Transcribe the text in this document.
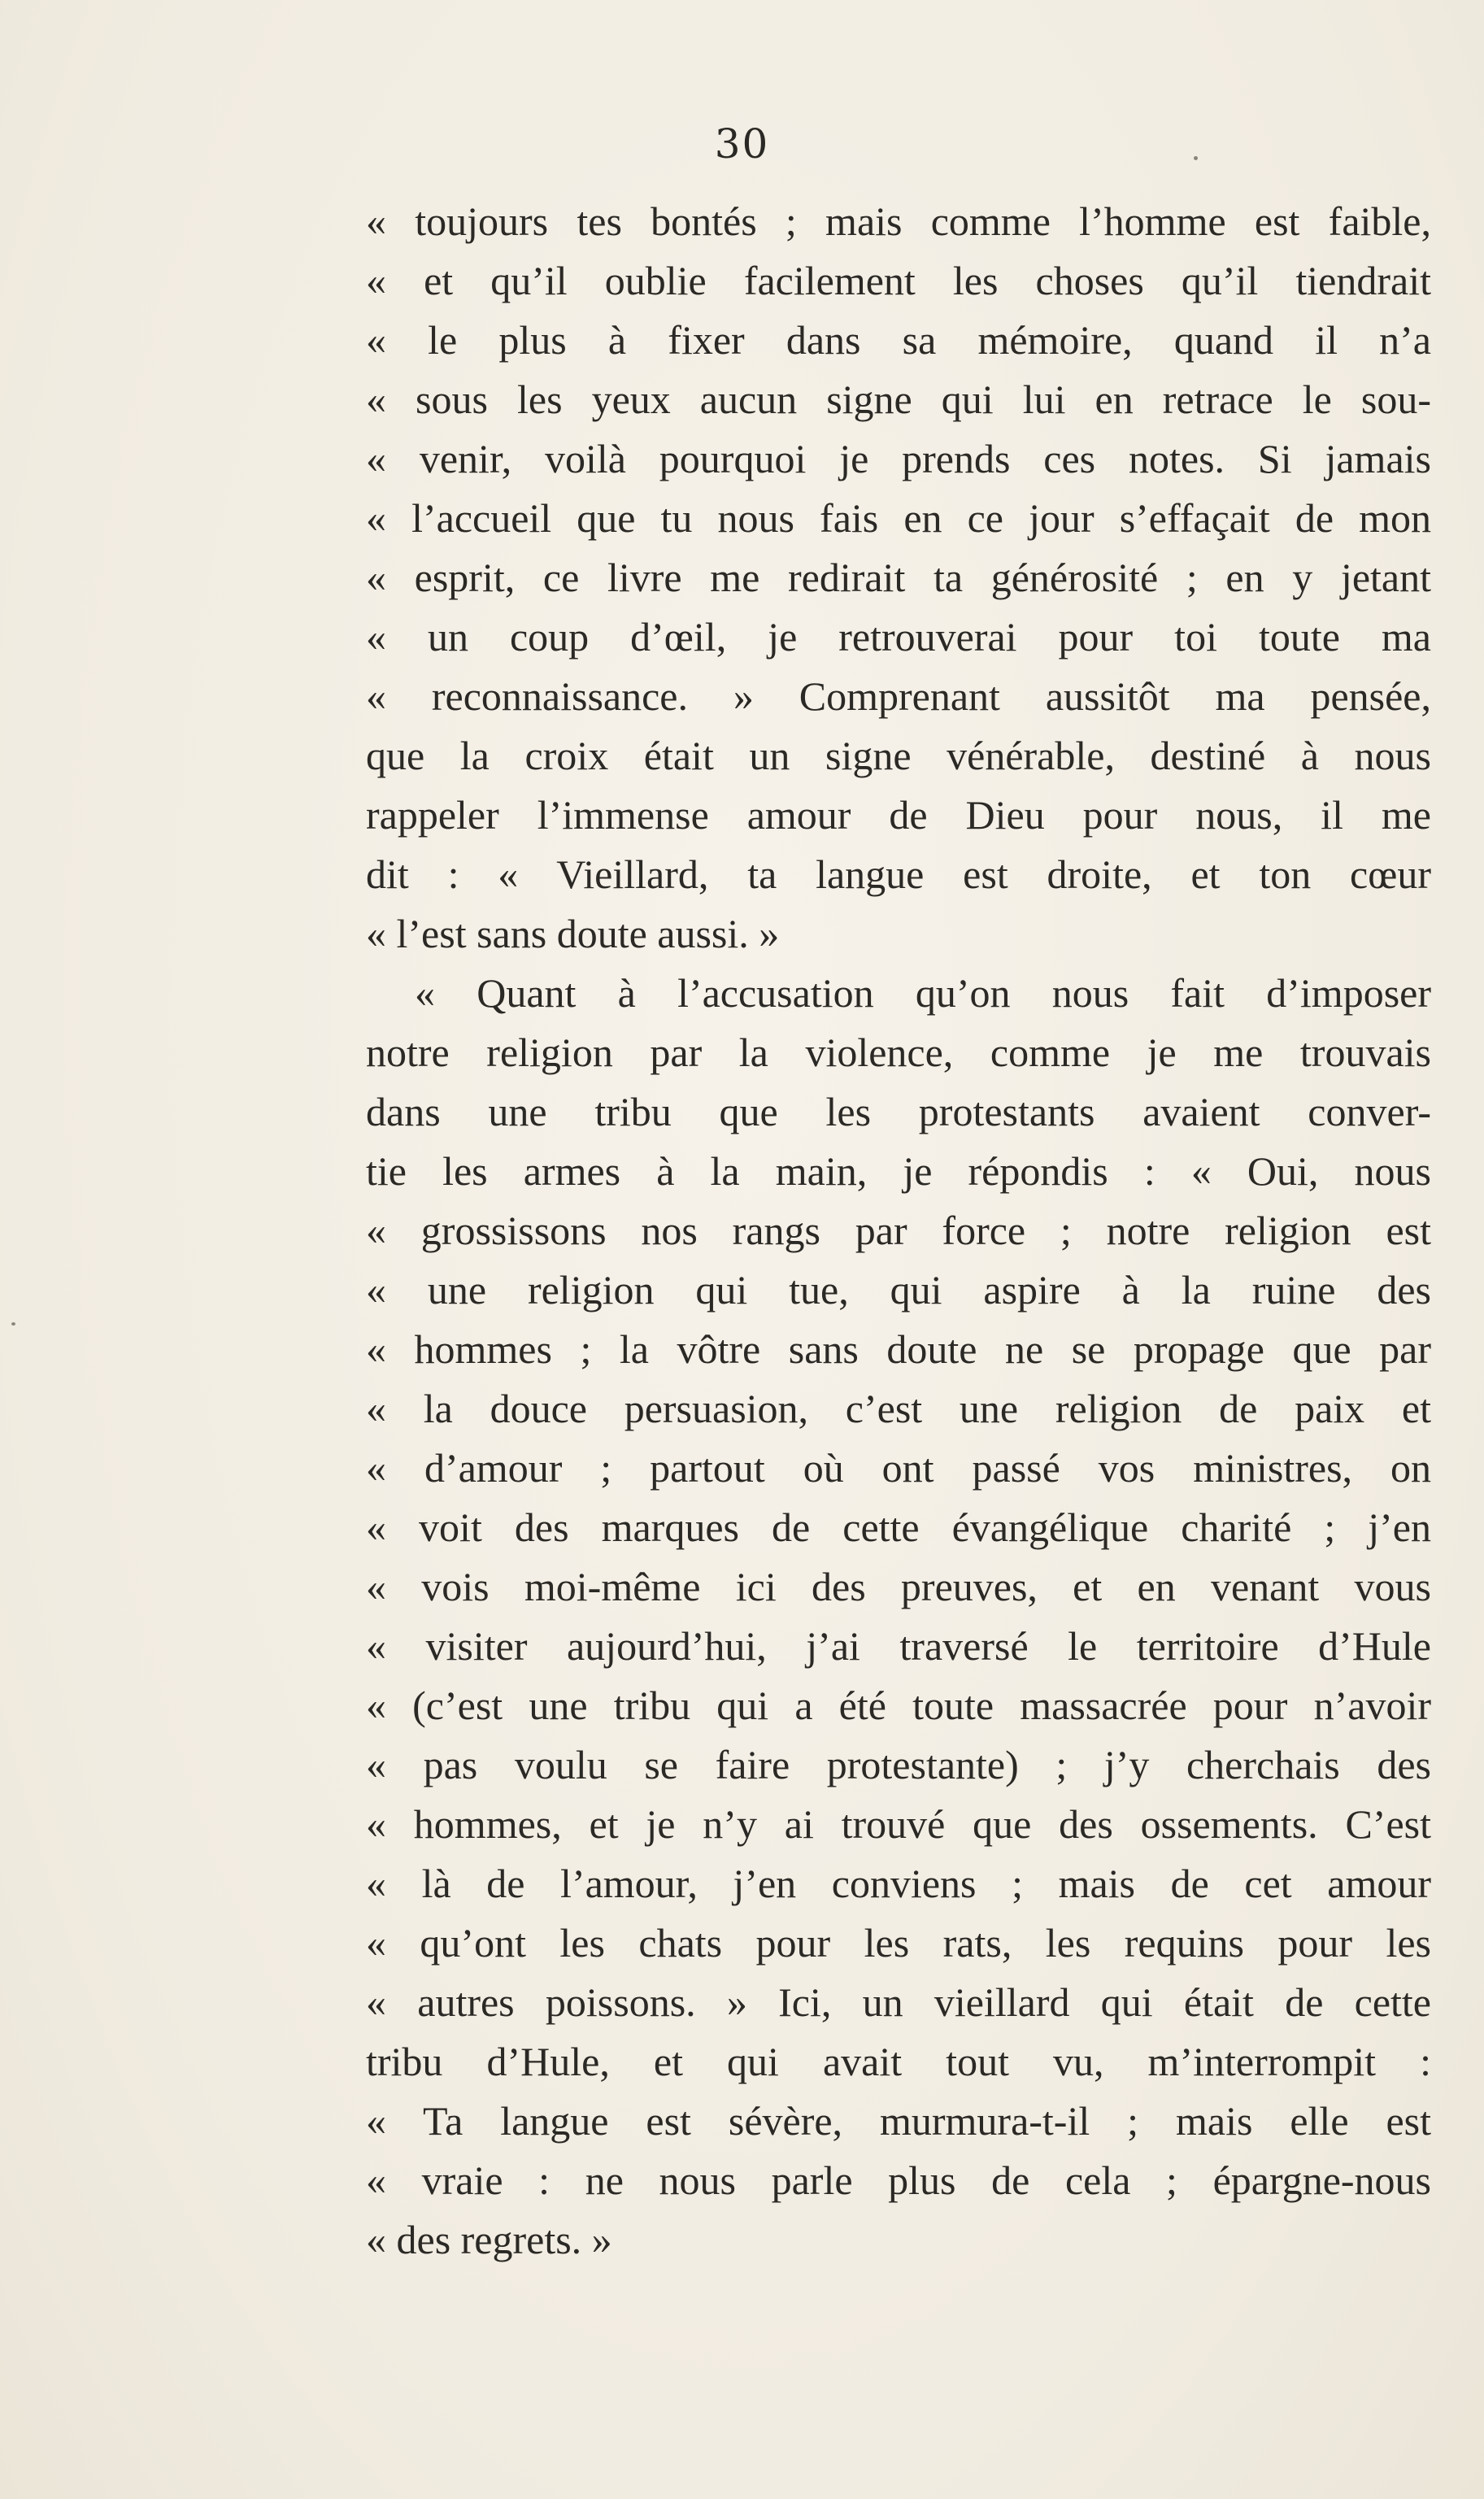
30
« toujours tes bontés ; mais comme l’homme est faible,
« et qu’il oublie facilement les choses qu’il tiendrait
« le plus à fixer dans sa mémoire, quand il n’a
« sous les yeux aucun signe qui lui en retrace le sou-
« venir, voilà pourquoi je prends ces notes. Si jamais
« l’accueil que tu nous fais en ce jour s’effaçait de mon
« esprit, ce livre me redirait ta générosité ; en y jetant
« un coup d’œil, je retrouverai pour toi toute ma
« reconnaissance. » Comprenant aussitôt ma pensée,
que la croix était un signe vénérable, destiné à nous
rappeler l’immense amour de Dieu pour nous, il me
dit : « Vieillard, ta langue est droite, et ton cœur
« l’est sans doute aussi. »
« Quant à l’accusation qu’on nous fait d’imposer
notre religion par la violence, comme je me trouvais
dans une tribu que les protestants avaient conver-
tie les armes à la main, je répondis : « Oui, nous
« grossissons nos rangs par force ; notre religion est
« une religion qui tue, qui aspire à la ruine des
« hommes ; la vôtre sans doute ne se propage que par
« la douce persuasion, c’est une religion de paix et
« d’amour ; partout où ont passé vos ministres, on
« voit des marques de cette évangélique charité ; j’en
« vois moi-même ici des preuves, et en venant vous
« visiter aujourd’hui, j’ai traversé le territoire d’Hule
« (c’est une tribu qui a été toute massacrée pour n’avoir
« pas voulu se faire protestante) ; j’y cherchais des
« hommes, et je n’y ai trouvé que des ossements. C’est
« là de l’amour, j’en conviens ; mais de cet amour
« qu’ont les chats pour les rats, les requins pour les
« autres poissons. » Ici, un vieillard qui était de cette
tribu d’Hule, et qui avait tout vu, m’interrompit :
« Ta langue est sévère, murmura-t-il ; mais elle est
« vraie : ne nous parle plus de cela ; épargne-nous
« des regrets. »
